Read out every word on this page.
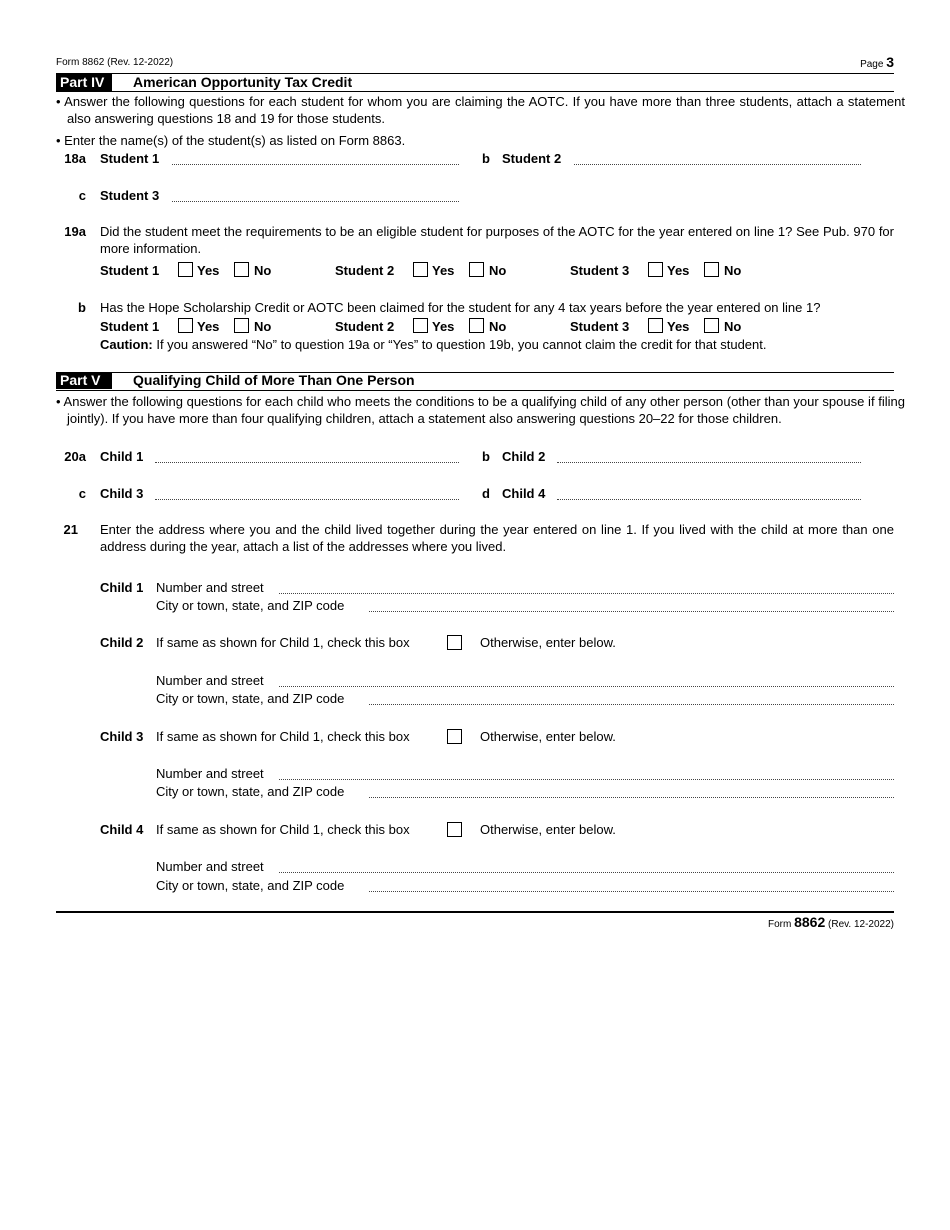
Form 8862 (Rev. 12-2022)	Page 3
Part IV	American Opportunity Tax Credit
• Answer the following questions for each student for whom you are claiming the AOTC. If you have more than three students, attach a statement also answering questions 18 and 19 for those students.
• Enter the name(s) of the student(s) as listed on Form 8863.
18a Student 1	b Student 2
c Student 3
19a Did the student meet the requirements to be an eligible student for purposes of the AOTC for the year entered on line 1? See Pub. 970 for more information.
Student 1	Yes	No	Student 2	Yes	No	Student 3	Yes	No
b Has the Hope Scholarship Credit or AOTC been claimed for the student for any 4 tax years before the year entered on line 1?
Student 1	Yes	No	Student 2	Yes	No	Student 3	Yes	No
Caution: If you answered “No” to question 19a or “Yes” to question 19b, you cannot claim the credit for that student.
Part V	Qualifying Child of More Than One Person
• Answer the following questions for each child who meets the conditions to be a qualifying child of any other person (other than your spouse if filing jointly). If you have more than four qualifying children, attach a statement also answering questions 20–22 for those children.
20a Child 1	b Child 2
c Child 3	d Child 4
21 Enter the address where you and the child lived together during the year entered on line 1. If you lived with the child at more than one address during the year, attach a list of the addresses where you lived.
Child 1 Number and street
City or town, state, and ZIP code
Child 2 If same as shown for Child 1, check this box	Otherwise, enter below.
Number and street
City or town, state, and ZIP code
Child 3 If same as shown for Child 1, check this box	Otherwise, enter below.
Number and street
City or town, state, and ZIP code
Child 4 If same as shown for Child 1, check this box	Otherwise, enter below.
Number and street
City or town, state, and ZIP code
Form 8862 (Rev. 12-2022)
